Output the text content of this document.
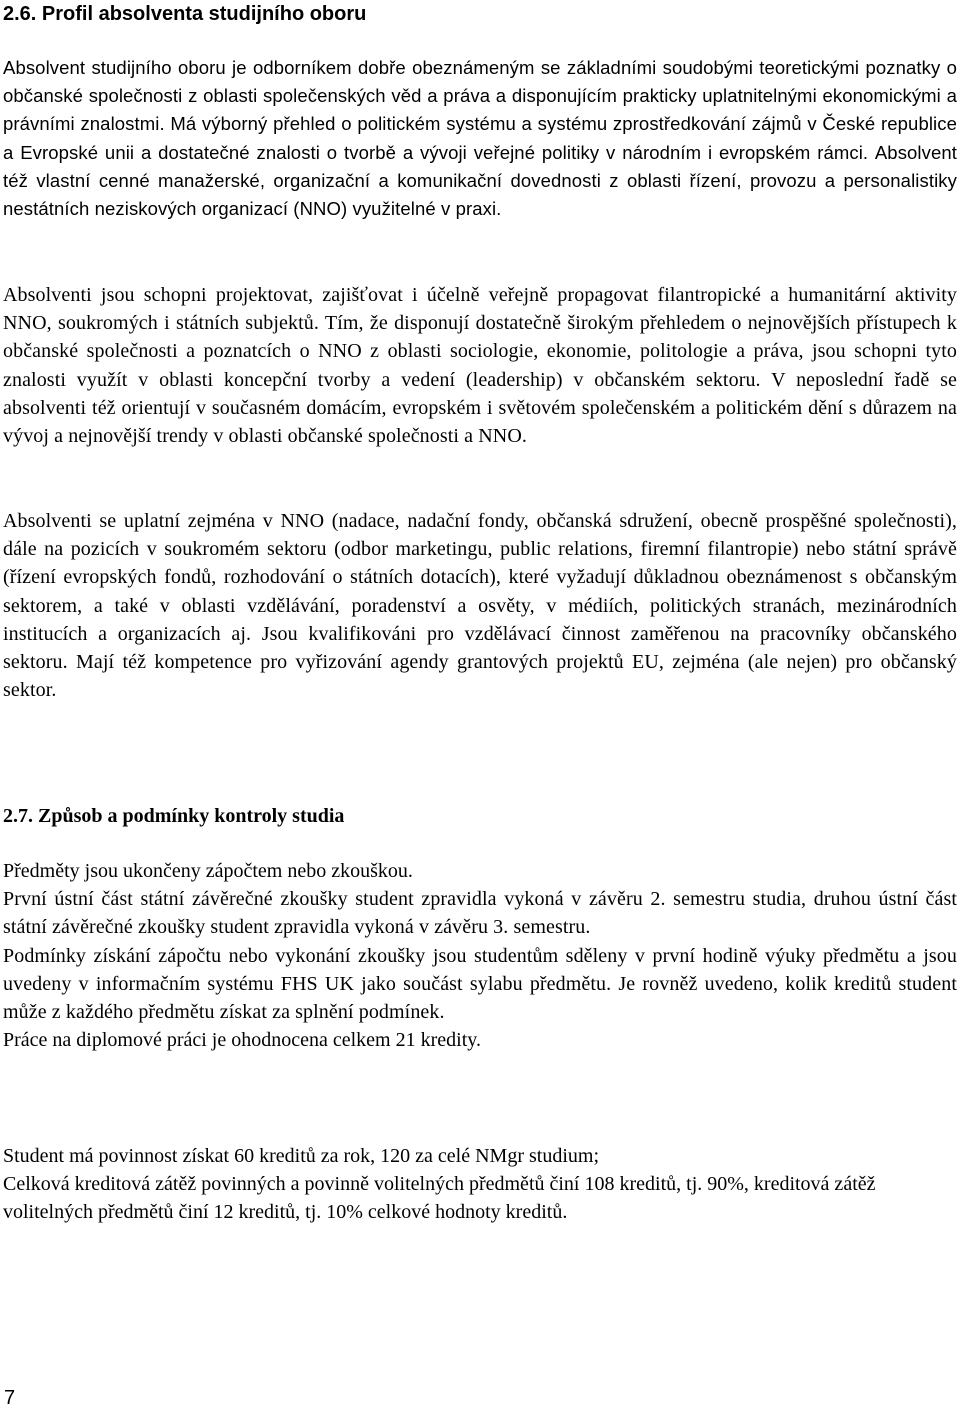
2.6. Profil absolventa studijního oboru

Absolvent studijního oboru je odborníkem dobře obeznámeným se základními soudobými teoretickými poznatky o občanské společnosti z oblasti společenských věd a práva a disponujícím prakticky uplatnitelnými ekonomickými a právními znalostmi. Má výborný přehled o politickém systému a systému zprostředkování zájmů v České republice a Evropské unii a dostatečné znalosti o tvorbě a vývoji veřejné politiky v národním i evropském rámci. Absolvent též vlastní cenné manažerské, organizační a komunikační dovednosti z oblasti řízení, provozu a personalistiky nestátních neziskových organizací (NNO) využitelné v praxi.

Absolventi jsou schopni projektovat, zajišťovat i účelně veřejně propagovat filantropické a humanitární aktivity NNO, soukromých i státních subjektů. Tím, že disponují dostatečně širokým přehledem o nejnovějších přístupech k občanské společnosti a poznatcích o NNO z oblasti sociologie, ekonomie, politologie a práva, jsou schopni tyto znalosti využít v oblasti koncepční tvorby a vedení (leadership) v občanském sektoru. V neposlední řadě se absolventi též orientují v současném domácím, evropském i světovém společenském a politickém dění s důrazem na vývoj a nejnovější trendy v oblasti občanské společnosti a NNO.

Absolventi se uplatní zejména v NNO (nadace, nadační fondy, občanská sdružení, obecně prospěšné společnosti), dále na pozicích v soukromém sektoru (odbor marketingu, public relations, firemní filantropie) nebo státní správě (řízení evropských fondů, rozhodování o státních dotacích), které vyžadují důkladnou obeznámenost s občanským sektorem, a také v oblasti vzdělávání, poradenství a osvěty, v médiích, politických stranách, mezinárodních institucích a organizacích aj. Jsou kvalifikováni pro vzdělávací činnost zaměřenou na pracovníky občanského sektoru. Mají též kompetence pro vyřizování agendy grantových projektů EU, zejména (ale nejen) pro občanský sektor.

2.7. Způsob a podmínky kontroly studia

Předměty jsou ukončeny zápočtem nebo zkouškou.

První ústní část státní závěrečné zkoušky student zpravidla vykoná v závěru 2. semestru studia, druhou ústní část státní závěrečné zkoušky student zpravidla vykoná v závěru 3. semestru.

Podmínky získání zápočtu nebo vykonání zkoušky jsou studentům sděleny v první hodině výuky předmětu a jsou uvedeny v informačním systému FHS UK jako součást sylabu předmětu. Je rovněž uvedeno, kolik kreditů student může z každého předmětu získat za splnění podmínek.

Práce na diplomové práci je ohodnocena celkem 21 kredity.

Student má povinnost získat 60 kreditů za rok, 120 za celé NMgr studium;

Celková kreditová zátěž povinných a povinně volitelných předmětů činí 108 kreditů, tj. 90%, kreditová zátěž volitelných předmětů činí 12 kreditů, tj. 10% celkové hodnoty kreditů.

7
